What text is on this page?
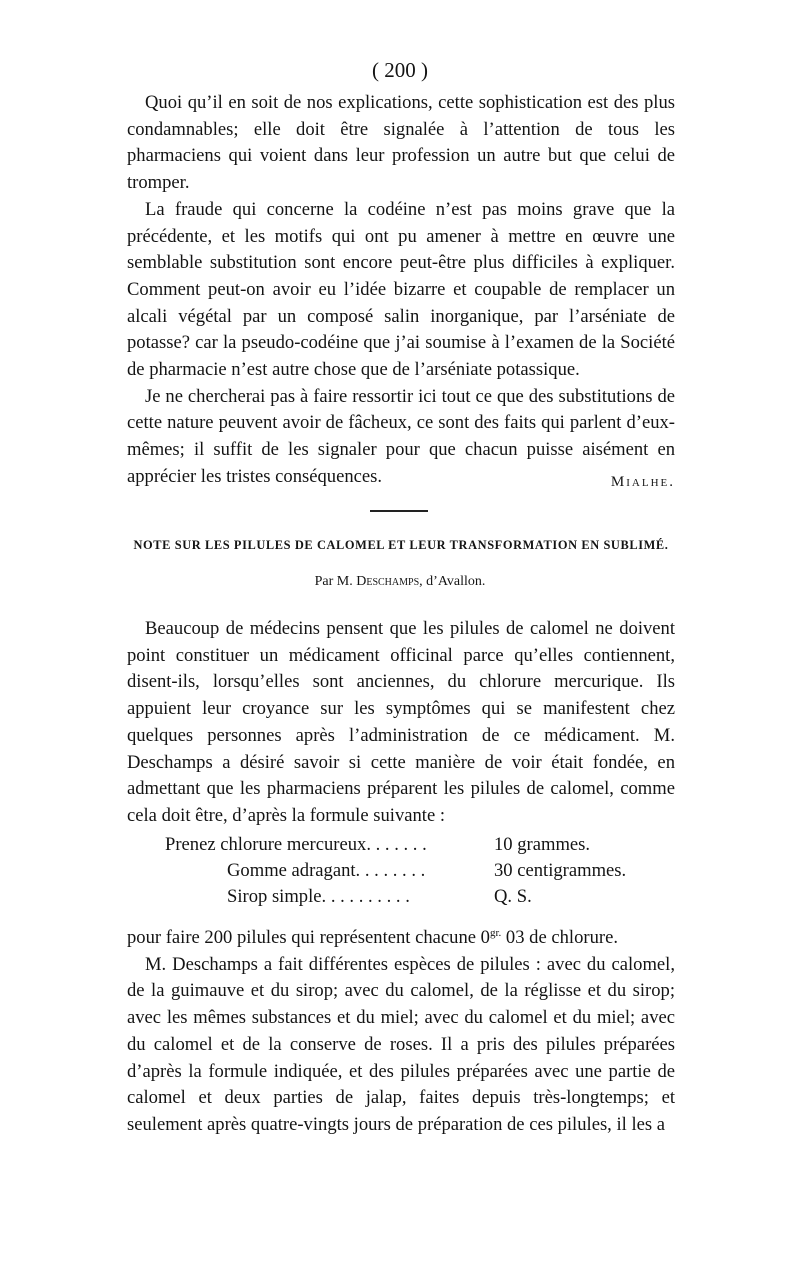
( 200 )

Quoi qu’il en soit de nos explications, cette sophistication est des plus condamnables; elle doit être signalée à l’attention de tous les pharmaciens qui voient dans leur profession un autre but que celui de tromper.

La fraude qui concerne la codéine n’est pas moins grave que la précédente, et les motifs qui ont pu amener à mettre en œuvre une semblable substitution sont encore peut-être plus difficiles à expliquer. Comment peut-on avoir eu l’idée bizarre et coupable de remplacer un alcali végétal par un composé salin inorganique, par l’arséniate de potasse? car la pseudo-codéine que j’ai soumise à l’examen de la Société de pharmacie n’est autre chose que de l’arséniate potassique.

Je ne chercherai pas à faire ressortir ici tout ce que des substitutions de cette nature peuvent avoir de fâcheux, ce sont des faits qui parlent d’eux-mêmes; il suffit de les signaler pour que chacun puisse aisément en apprécier les tristes conséquences.	Mialhe.
NOTE SUR LES PILULES DE CALOMEL ET LEUR TRANSFORMATION EN SUBLIMÉ.
Par M. Deschamps, d’Avallon.

Beaucoup de médecins pensent que les pilules de calomel ne doivent point constituer un médicament officinal parce qu’elles contiennent, disent-ils, lorsqu’elles sont anciennes, du chlorure mercurique. Ils appuient leur croyance sur les symptômes qui se manifestent chez quelques personnes après l’administration de ce médicament. M. Deschamps a désiré savoir si cette manière de voir était fondée, en admettant que les pharmaciens préparent les pilules de calomel, comme cela doit être, d’après la formule suivante :

Prenez chlorure mercureux. . . . . . .	10 grammes.
Gomme adragant. . . . . . . .	30 centigrammes.
Sirop simple. . . . . . . . . .	Q. S.

pour faire 200 pilules qui représentent chacune $0^{gr.}$ 03 de chlorure.

M. Deschamps a fait différentes espèces de pilules : avec du calomel, de la guimauve et du sirop; avec du calomel, de la réglisse et du sirop; avec les mêmes substances et du miel; avec du calomel et du miel; avec du calomel et de la conserve de roses. Il a pris des pilules préparées d’après la formule indiquée, et des pilules préparées avec une partie de calomel et deux parties de jalap, faites depuis très-longtemps; et seulement après quatre-vingts jours de préparation de ces pilules, il les a
